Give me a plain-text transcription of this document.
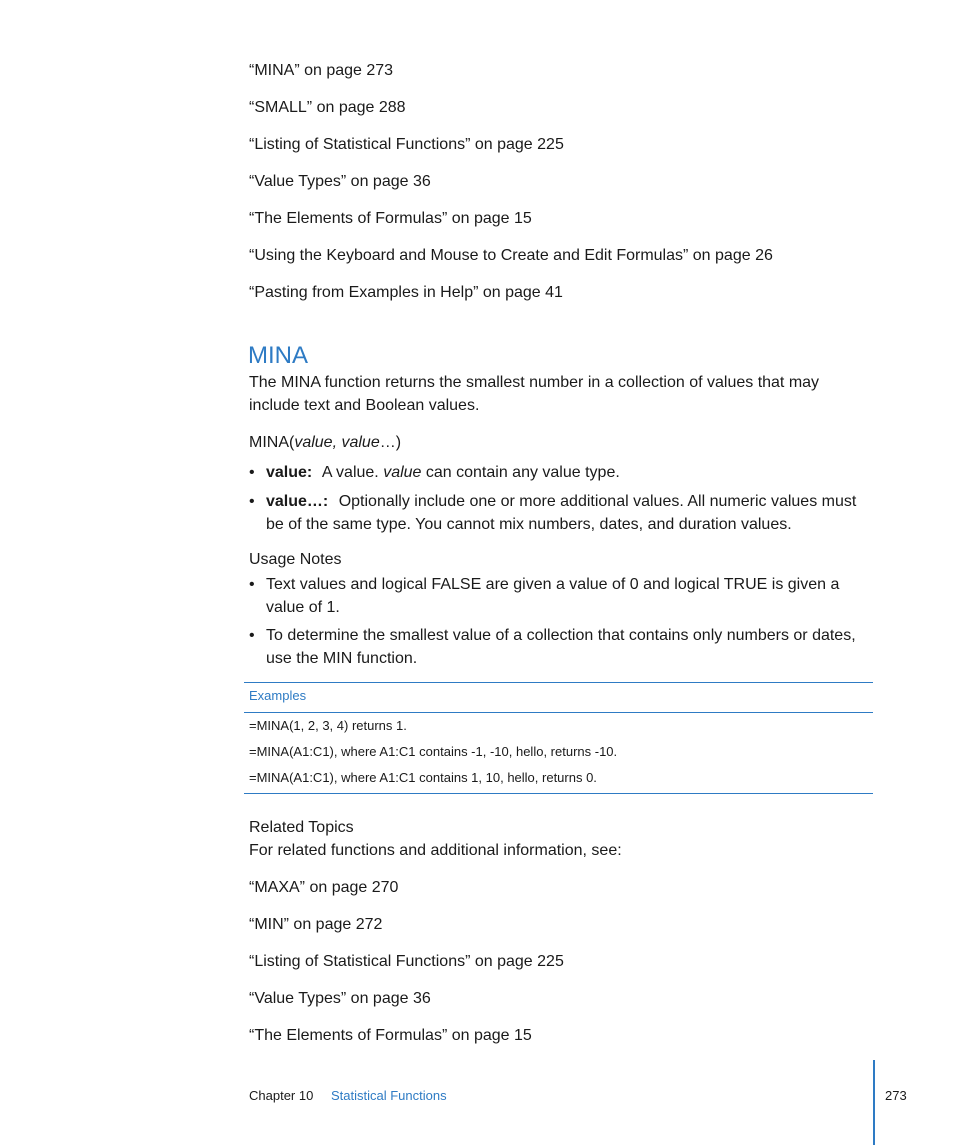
“MINA” on page 273
“SMALL” on page 288
“Listing of Statistical Functions” on page 225
“Value Types” on page 36
“The Elements of Formulas” on page 15
“Using the Keyboard and Mouse to Create and Edit Formulas” on page 26
“Pasting from Examples in Help” on page 41
MINA
The MINA function returns the smallest number in a collection of values that may include text and Boolean values.
MINA(value, value…)
• value: A value. value can contain any value type.
• value…: Optionally include one or more additional values. All numeric values must be of the same type. You cannot mix numbers, dates, and duration values.
Usage Notes
• Text values and logical FALSE are given a value of 0 and logical TRUE is given a value of 1.
• To determine the smallest value of a collection that contains only numbers or dates, use the MIN function.
Examples
=MINA(1, 2, 3, 4) returns 1.
=MINA(A1:C1), where A1:C1 contains -1, -10, hello, returns -10.
=MINA(A1:C1), where A1:C1 contains 1, 10, hello, returns 0.
Related Topics
For related functions and additional information, see:
“MAXA” on page 270
“MIN” on page 272
“Listing of Statistical Functions” on page 225
“Value Types” on page 36
“The Elements of Formulas” on page 15
Chapter 10 Statistical Functions	273
